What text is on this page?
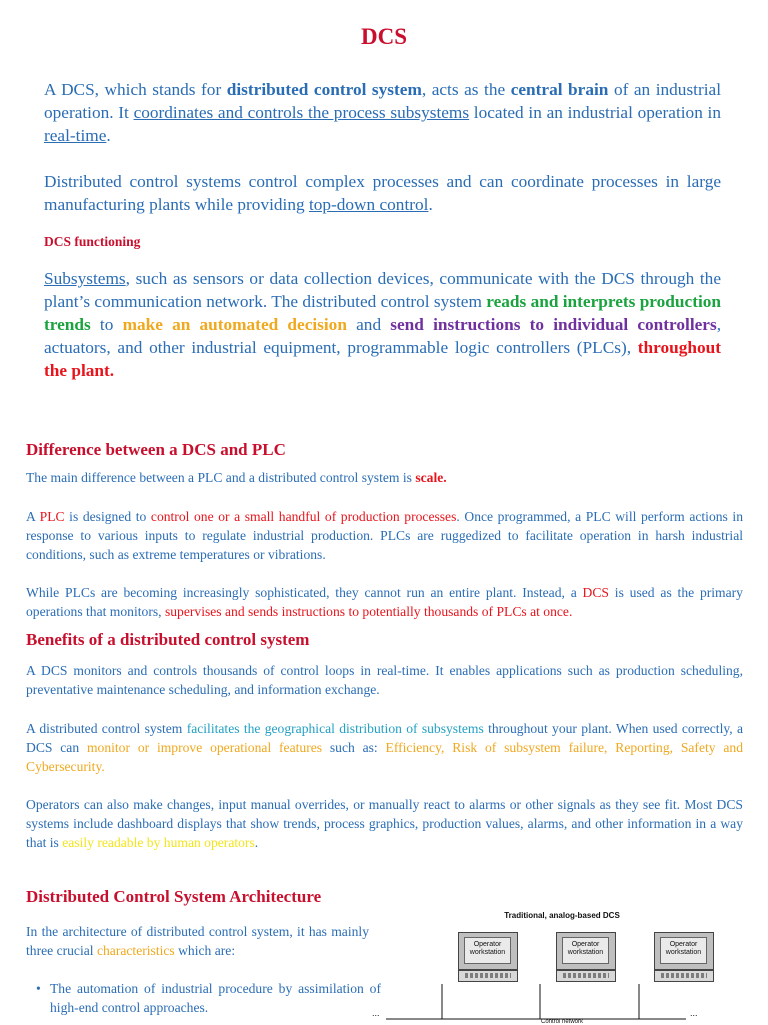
DCS
A DCS, which stands for distributed control system, acts as the central brain of an industrial operation. It coordinates and controls the process subsystems located in an industrial operation in real-time.
Distributed control systems control complex processes and can coordinate processes in large manufacturing plants while providing top-down control.
DCS functioning
Subsystems, such as sensors or data collection devices, communicate with the DCS through the plant’s communication network. The distributed control system reads and interprets production trends to make an automated decision and send instructions to individual controllers, actuators, and other industrial equipment, programmable logic controllers (PLCs), throughout the plant.
Difference between a DCS and PLC
The main difference between a PLC and a distributed control system is scale.
A PLC is designed to control one or a small handful of production processes. Once programmed, a PLC will perform actions in response to various inputs to regulate industrial production. PLCs are ruggedized to facilitate operation in harsh industrial conditions, such as extreme temperatures or vibrations.
While PLCs are becoming increasingly sophisticated, they cannot run an entire plant. Instead, a DCS is used as the primary operations that monitors, supervises and sends instructions to potentially thousands of PLCs at once.
Benefits of a distributed control system
A DCS monitors and controls thousands of control loops in real-time. It enables applications such as production scheduling, preventative maintenance scheduling, and information exchange.
A distributed control system facilitates the geographical distribution of subsystems throughout your plant. When used correctly, a DCS can monitor or improve operational features such as: Efficiency, Risk of subsystem failure, Reporting, Safety and Cybersecurity.
Operators can also make changes, input manual overrides, or manually react to alarms or other signals as they see fit. Most DCS systems include dashboard displays that show trends, process graphics, production values, alarms, and other information in a way that is easily readable by human operators.
Distributed Control System Architecture
In the architecture of distributed control system, it has mainly three crucial characteristics which are:
• The automation of industrial procedure by assimilation of high-end control approaches.
Traditional, analog-based DCS
Operator workstation
Operator workstation
Operator workstation
...	...
Control network
